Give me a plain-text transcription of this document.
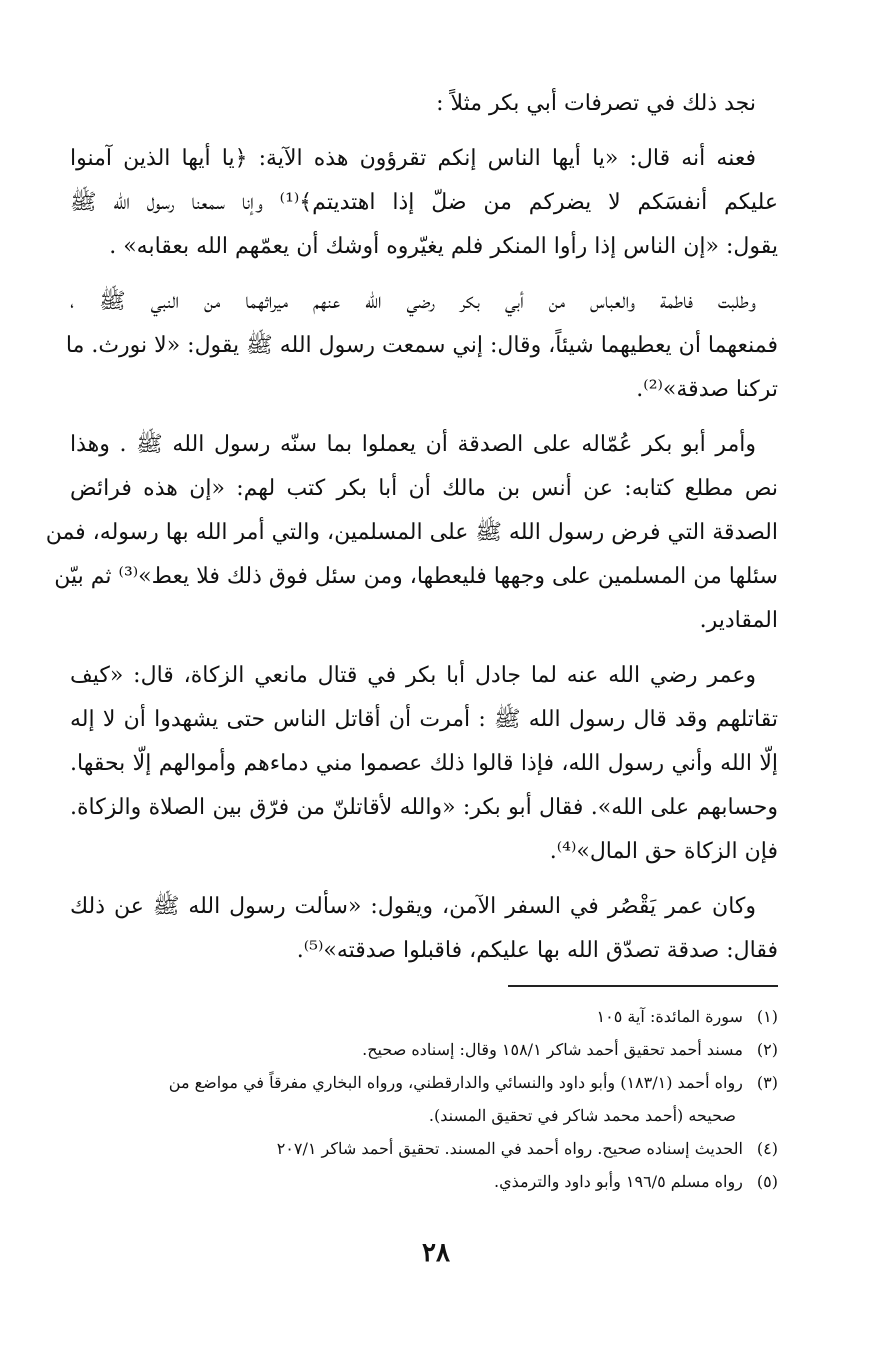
نجد ذلك في تصرفات أبي بكر مثلاً :

فعنه أنه قال: «يا أيها الناس إنكم تقرؤون هذه الآية: ﴿يا أيها الذين آمنوا
عليكم أنفسَكم لا يضركم من ضلّ إذا اهتديتم﴾⁽¹⁾ وإنا سمعنا رسول الله ﷺ
يقول: «إن الناس إذا رأوا المنكر فلم يغيّروه أوشك أن يعمّهم الله بعقابه» .

وطلبت فاطمة والعباس من أبي بكر رضي الله عنهم ميراثهما من النبي ﷺ ،
فمنعهما أن يعطيهما شيئاً، وقال: إني سمعت رسول الله ﷺ يقول: «لا نورث. ما
تركنا صدقة»⁽²⁾.

وأمر أبو بكر عُمّاله على الصدقة أن يعملوا بما سنّه رسول الله ﷺ . وهذا
نص مطلع كتابه: عن أنس بن مالك أن أبا بكر كتب لهم: «إن هذه فرائض
الصدقة التي فرض رسول الله ﷺ على المسلمين، والتي أمر الله بها رسوله، فمن
سئلها من المسلمين على وجهها فليعطها، ومن سئل فوق ذلك فلا يعط»⁽³⁾ ثم بيّن
المقادير.

وعمر رضي الله عنه لما جادل أبا بكر في قتال مانعي الزكاة، قال: «كيف
تقاتلهم وقد قال رسول الله ﷺ : أمرت أن أقاتل الناس حتى يشهدوا أن لا إله
إلّا الله وأني رسول الله، فإذا قالوا ذلك عصموا مني دماءهم وأموالهم إلّا بحقها.
وحسابهم على الله». فقال أبو بكر: «والله لأقاتلنّ من فرّق بين الصلاة والزكاة.
فإن الزكاة حق المال»⁽⁴⁾.

وكان عمر يَقْصُر في السفر الآمن، ويقول: «سألت رسول الله ﷺ عن ذلك
فقال: صدقة تصدّق الله بها عليكم، فاقبلوا صدقته»⁽⁵⁾.

(١) سورة المائدة: آية ١٠٥
(٢) مسند أحمد تحقيق أحمد شاكر ١٥٨/١ وقال: إسناده صحيح.
(٣) رواه أحمد (١٨٣/١) وأبو داود والنسائي والدارقطني، ورواه البخاري مفرقاً في مواضع من
صحيحه (أحمد محمد شاكر في تحقيق المسند).
(٤) الحديث إسناده صحيح. رواه أحمد في المسند. تحقيق أحمد شاكر ٢٠٧/١
(٥) رواه مسلم ١٩٦/٥ وأبو داود والترمذي.
٢٨
